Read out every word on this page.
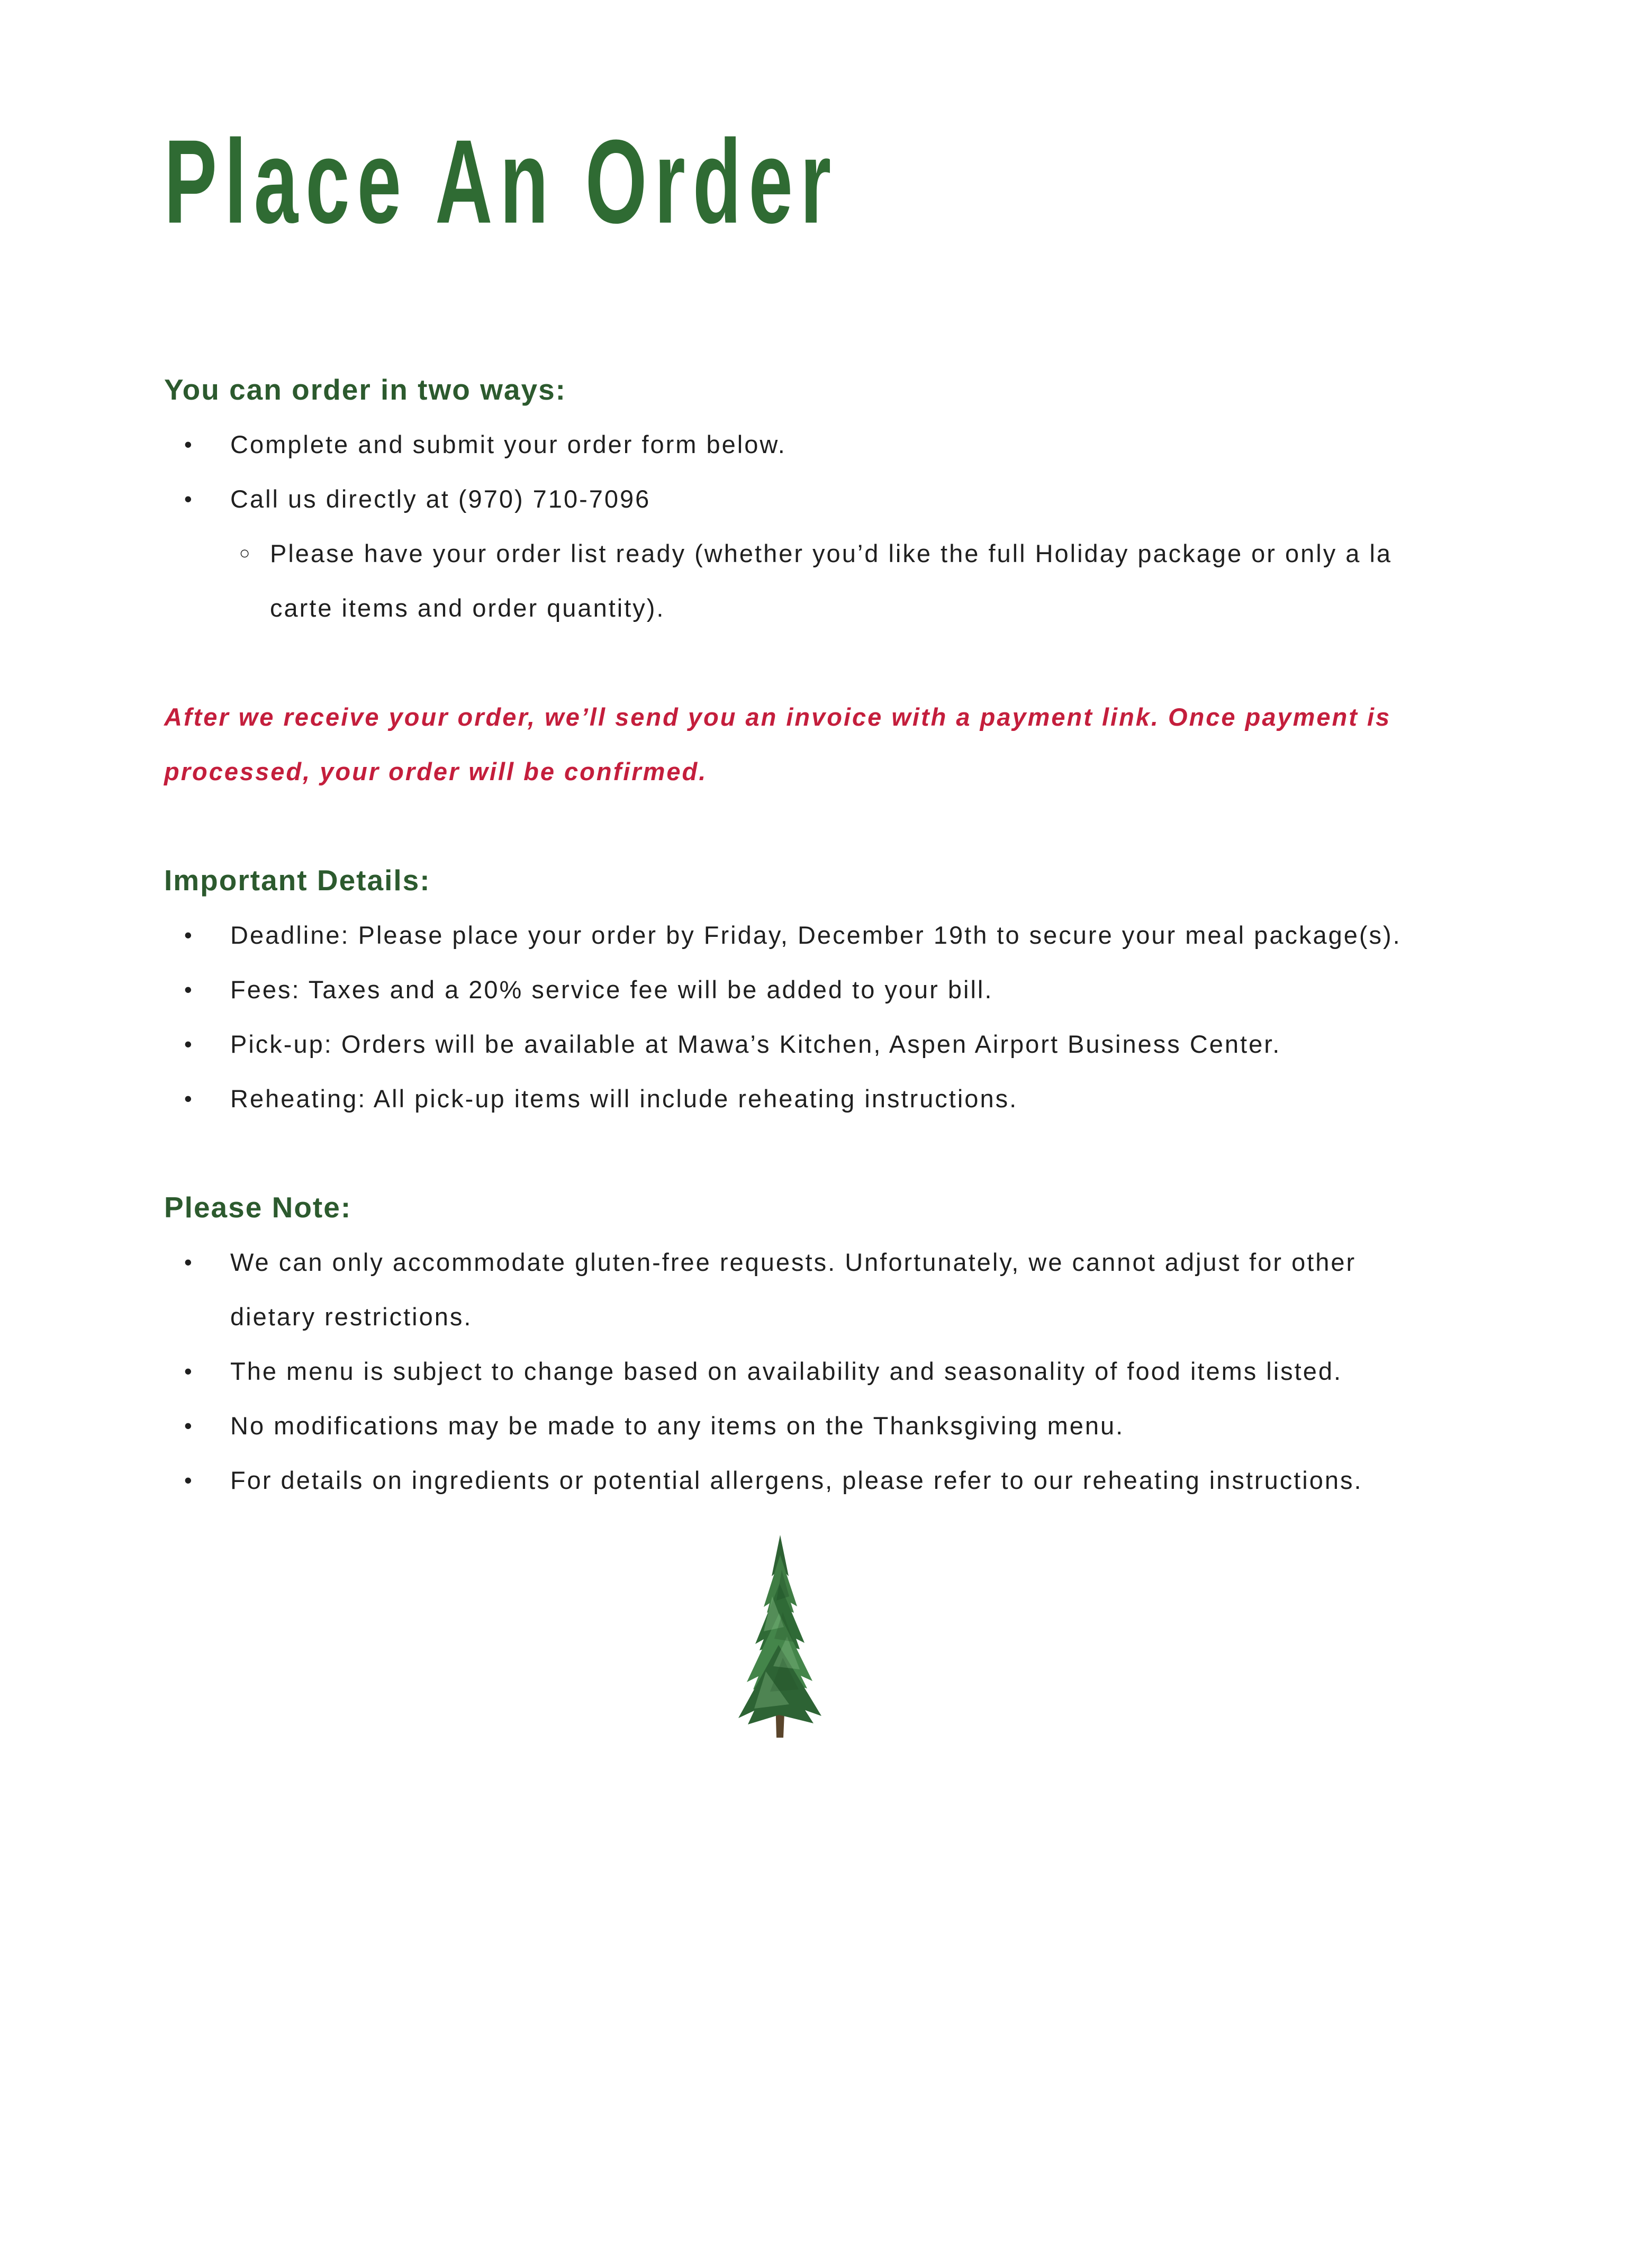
Place An Order
You can order in two ways:
• Complete and submit your order form below.
• Call us directly at (970) 710-7096
○ Please have your order list ready (whether you’d like the full Holiday package or only a la carte items and order quantity).

After we receive your order, we’ll send you an invoice with a payment link. Once payment is processed, your order will be confirmed.

Important Details:
• Deadline: Please place your order by Friday, December 19th to secure your meal package(s).
• Fees: Taxes and a 20% service fee will be added to your bill.
• Pick-up: Orders will be available at Mawa’s Kitchen, Aspen Airport Business Center.
• Reheating: All pick-up items will include reheating instructions.
Please Note:
• We can only accommodate gluten-free requests. Unfortunately, we cannot adjust for other dietary restrictions.
• The menu is subject to change based on availability and seasonality of food items listed.
• No modifications may be made to any items on the Thanksgiving menu.
• For details on ingredients or potential allergens, please refer to our reheating instructions.
